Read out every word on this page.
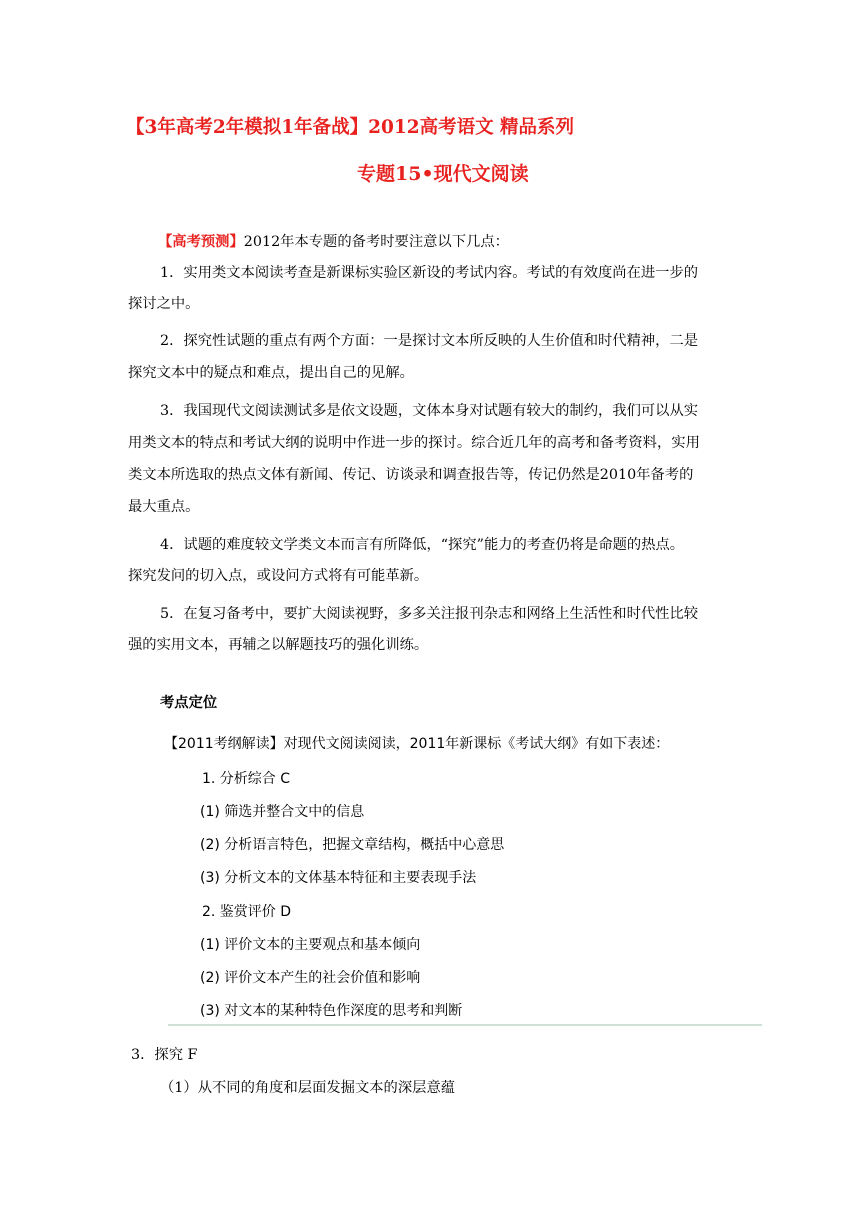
【3年高考2年模拟1年备战】2012高考语文 精品系列
专题15•现代文阅读
【高考预测】2012年本专题的备考时要注意以下几点：
1．实用类文本阅读考查是新课标实验区新设的考试内容。考试的有效度尚在进一步的
探讨之中。
2．探究性试题的重点有两个方面：一是探讨文本所反映的人生价值和时代精神，二是
探究文本中的疑点和难点，提出自己的见解。
3．我国现代文阅读测试多是依文设题，文体本身对试题有较大的制约，我们可以从实
用类文本的特点和考试大纲的说明中作进一步的探讨。综合近几年的高考和备考资料，实用
类文本所选取的热点文体有新闻、传记、访谈录和调查报告等，传记仍然是2010年备考的
最大重点。
4．试题的难度较文学类文本而言有所降低，“探究”能力的考查仍将是命题的热点。
探究发问的切入点，或设问方式将有可能革新。
5．在复习备考中，要扩大阅读视野，多多关注报刊杂志和网络上生活性和时代性比较
强的实用文本，再辅之以解题技巧的强化训练。
考点定位
【2011考纲解读】对现代文阅读阅读，2011年新课标《考试大纲》有如下表述：
1. 分析综合 C
(1) 筛选并整合文中的信息
(2) 分析语言特色，把握文章结构，概括中心意思
(3) 分析文本的文体基本特征和主要表现手法
2. 鉴赏评价 D
(1) 评价文本的主要观点和基本倾向
(2) 评价文本产生的社会价值和影响
(3) 对文本的某种特色作深度的思考和判断
3．探究 F
（1）从不同的角度和层面发掘文本的深层意蕴
